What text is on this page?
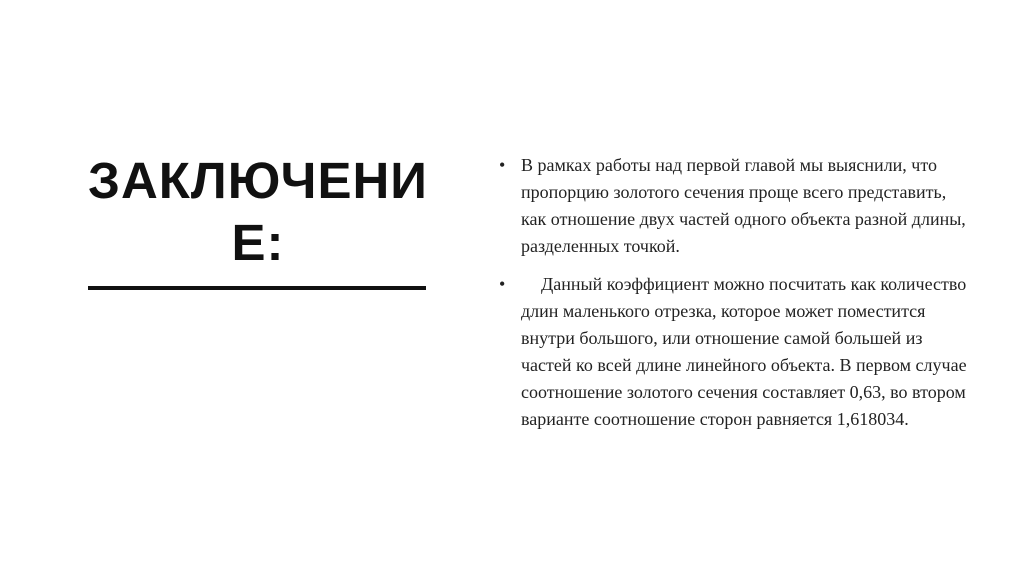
ЗАКЛЮЧЕНИЕ:
• В рамках работы над первой главой мы выяснили, что пропорцию золотого сечения проще всего представить, как отношение двух частей одного объекта разной длины, разделенных точкой.
• Данный коэффициент можно посчитать как количество длин маленького отрезка, которое может поместится внутри большого, или отношение самой большей из частей ко всей длине линейного объекта. В первом случае соотношение золотого сечения составляет 0,63, во втором варианте соотношение сторон равняется 1,618034.
